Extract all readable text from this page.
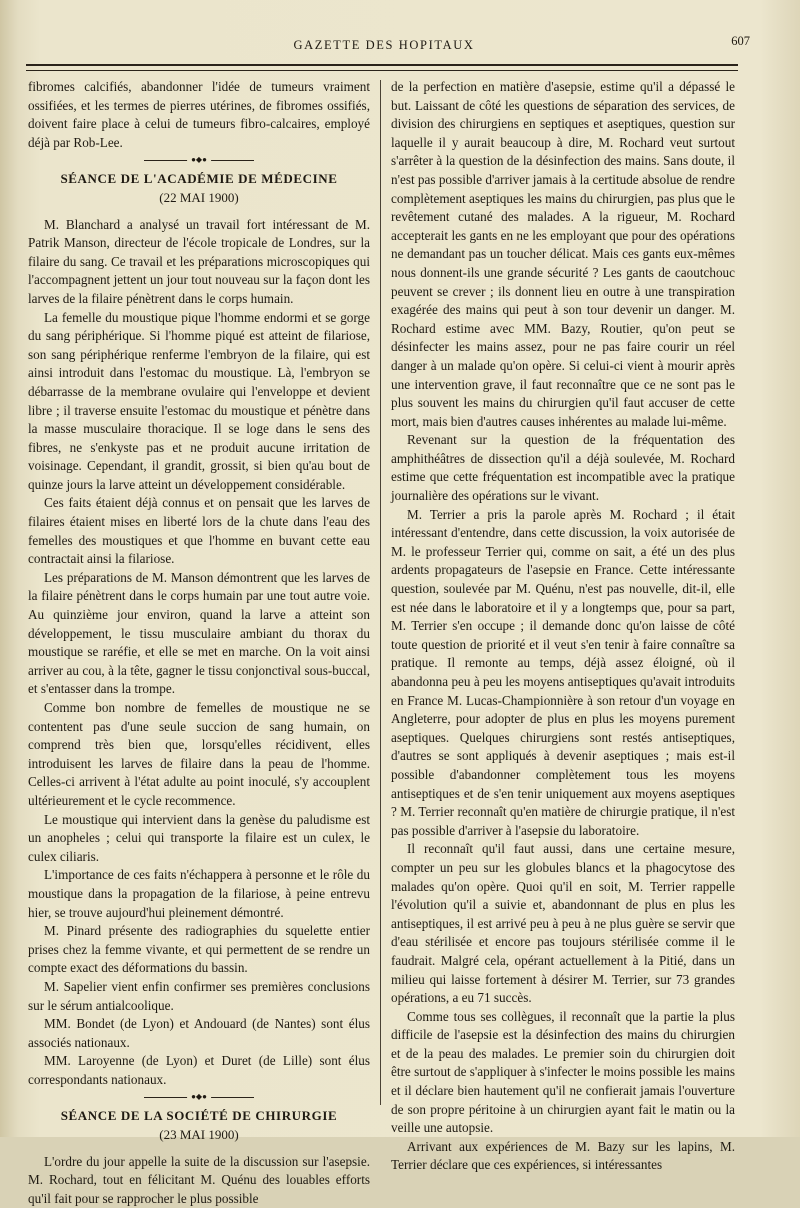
GAZETTE DES HOPITAUX	607

fibromes calcifiés, abandonner l'idée de tumeurs vraiment ossifiées, et les termes de pierres utérines, de fibromes ossifiés, doivent faire place à celui de tumeurs fibro-calcaires, employé déjà par Rob-Lee.

●◆●
SÉANCE DE L'ACADÉMIE DE MÉDECINE
(22 MAI 1900)

M. Blanchard a analysé un travail fort intéressant de M. Patrik Manson, directeur de l'école tropicale de Londres, sur la filaire du sang. Ce travail et les préparations microscopiques qui l'accompagnent jettent un jour tout nouveau sur la façon dont les larves de la filaire pénètrent dans le corps humain.

La femelle du moustique pique l'homme endormi et se gorge du sang périphérique. Si l'homme piqué est atteint de filariose, son sang périphérique renferme l'embryon de la filaire, qui est ainsi introduit dans l'estomac du moustique. Là, l'embryon se débarrasse de la membrane ovulaire qui l'enveloppe et devient libre ; il traverse ensuite l'estomac du moustique et pénètre dans la masse musculaire thoracique. Il se loge dans le sens des fibres, ne s'enkyste pas et ne produit aucune irritation de voisinage. Cependant, il grandit, grossit, si bien qu'au bout de quinze jours la larve atteint un développement considérable.

Ces faits étaient déjà connus et on pensait que les larves de filaires étaient mises en liberté lors de la chute dans l'eau des femelles des moustiques et que l'homme en buvant cette eau contractait ainsi la filariose.

Les préparations de M. Manson démontrent que les larves de la filaire pénètrent dans le corps humain par une tout autre voie. Au quinzième jour environ, quand la larve a atteint son développement, le tissu musculaire ambiant du thorax du moustique se raréfie, et elle se met en marche. On la voit ainsi arriver au cou, à la tête, gagner le tissu conjonctival sous-buccal, et s'entasser dans la trompe.

Comme bon nombre de femelles de moustique ne se contentent pas d'une seule succion de sang humain, on comprend très bien que, lorsqu'elles récidivent, elles introduisent les larves de filaire dans la peau de l'homme. Celles-ci arrivent à l'état adulte au point inoculé, s'y accouplent ultérieurement et le cycle recommence.

Le moustique qui intervient dans la genèse du paludisme est un anopheles ; celui qui transporte la filaire est un culex, le culex ciliaris.

L'importance de ces faits n'échappera à personne et le rôle du moustique dans la propagation de la filariose, à peine entrevu hier, se trouve aujourd'hui pleinement démontré.

M. Pinard présente des radiographies du squelette entier prises chez la femme vivante, et qui permettent de se rendre un compte exact des déformations du bassin.

M. Sapelier vient enfin confirmer ses premières conclusions sur le sérum antialcoolique.

MM. Bondet (de Lyon) et Andouard (de Nantes) sont élus associés nationaux.

MM. Laroyenne (de Lyon) et Duret (de Lille) sont élus correspondants nationaux.

●◆●
SÉANCE DE LA SOCIÉTÉ DE CHIRURGIE
(23 MAI 1900)

L'ordre du jour appelle la suite de la discussion sur l'asepsie. M. Rochard, tout en félicitant M. Quénu des louables efforts qu'il fait pour se rapprocher le plus possible

de la perfection en matière d'asepsie, estime qu'il a dépassé le but. Laissant de côté les questions de séparation des services, de division des chirurgiens en septiques et aseptiques, question sur laquelle il y aurait beaucoup à dire, M. Rochard veut surtout s'arrêter à la question de la désinfection des mains. Sans doute, il n'est pas possible d'arriver jamais à la certitude absolue de rendre complètement aseptiques les mains du chirurgien, pas plus que le revêtement cutané des malades. A la rigueur, M. Rochard accepterait les gants en ne les employant que pour des opérations ne demandant pas un toucher délicat. Mais ces gants eux-mêmes nous donnent-ils une grande sécurité ? Les gants de caoutchouc peuvent se crever ; ils donnent lieu en outre à une transpiration exagérée des mains qui peut à son tour devenir un danger. M. Rochard estime avec MM. Bazy, Routier, qu'on peut se désinfecter les mains assez, pour ne pas faire courir un réel danger à un malade qu'on opère. Si celui-ci vient à mourir après une intervention grave, il faut reconnaître que ce ne sont pas le plus souvent les mains du chirurgien qu'il faut accuser de cette mort, mais bien d'autres causes inhérentes au malade lui-même.

Revenant sur la question de la fréquentation des amphithéâtres de dissection qu'il a déjà soulevée, M. Rochard estime que cette fréquentation est incompatible avec la pratique journalière des opérations sur le vivant.

M. Terrier a pris la parole après M. Rochard ; il était intéressant d'entendre, dans cette discussion, la voix autorisée de M. le professeur Terrier qui, comme on sait, a été un des plus ardents propagateurs de l'asepsie en France. Cette intéressante question, soulevée par M. Quénu, n'est pas nouvelle, dit-il, elle est née dans le laboratoire et il y a longtemps que, pour sa part, M. Terrier s'en occupe ; il demande donc qu'on laisse de côté toute question de priorité et il veut s'en tenir à faire connaître sa pratique. Il remonte au temps, déjà assez éloigné, où il abandonna peu à peu les moyens antiseptiques qu'avait introduits en France M. Lucas-Championnière à son retour d'un voyage en Angleterre, pour adopter de plus en plus les moyens purement aseptiques. Quelques chirurgiens sont restés antiseptiques, d'autres se sont appliqués à devenir aseptiques ; mais est-il possible d'abandonner complètement tous les moyens antiseptiques et de s'en tenir uniquement aux moyens aseptiques ? M. Terrier reconnaît qu'en matière de chirurgie pratique, il n'est pas possible d'arriver à l'asepsie du laboratoire.

Il reconnaît qu'il faut aussi, dans une certaine mesure, compter un peu sur les globules blancs et la phagocytose des malades qu'on opère. Quoi qu'il en soit, M. Terrier rappelle l'évolution qu'il a suivie et, abandonnant de plus en plus les antiseptiques, il est arrivé peu à peu à ne plus guère se servir que d'eau stérilisée et encore pas toujours stérilisée comme il le faudrait. Malgré cela, opérant actuellement à la Pitié, dans un milieu qui laisse fortement à désirer M. Terrier, sur 73 grandes opérations, a eu 71 succès.

Comme tous ses collègues, il reconnaît que la partie la plus difficile de l'asepsie est la désinfection des mains du chirurgien et de la peau des malades. Le premier soin du chirurgien doit être surtout de s'appliquer à s'infecter le moins possible les mains et il déclare bien hautement qu'il ne confierait jamais l'ouverture de son propre péritoine à un chirurgien ayant fait le matin ou la veille une autopsie.

Arrivant aux expériences de M. Bazy sur les lapins, M. Terrier déclare que ces expériences, si intéressantes
